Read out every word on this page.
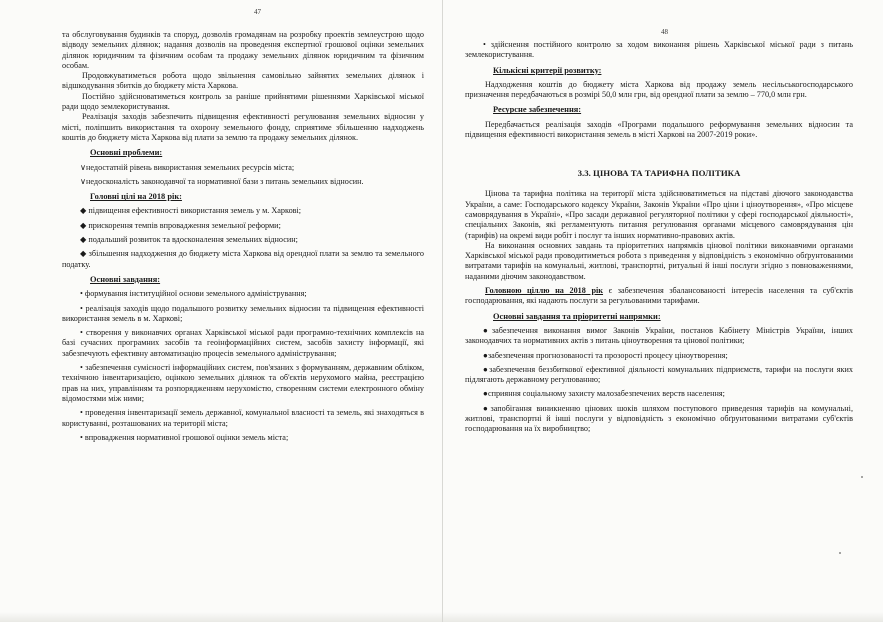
47

та обслуговування будинків та споруд, дозволів громадянам на розробку проектів землеустрою щодо відводу земельних ділянок; надання дозволів на проведення експертної грошової оцінки земельних ділянок юридичним та фізичним особам та продажу земельних ділянок юридичним та фізичним особам.

Продовжуватиметься робота щодо звільнення самовільно зайнятих земельних ділянок і відшкодування збитків до бюджету міста Харкова.

Постійно здійснюватиметься контроль за раніше прийнятими рішеннями Харківської міської ради щодо землекористування.

Реалізація заходів забезпечить підвищення ефективності регулювання земельних відносин у місті, поліпшить використання та охорону земельного фонду, сприятиме збільшенню надходжень коштів до бюджету міста Харкова від плати за землю та продажу земельних ділянок.

Основні проблеми:

∨недостатній рівень використання земельних ресурсів міста;

∨недосконалість законодавчої та нормативної бази з питань земельних відносин.

Головні цілі на 2018 рік:

◆ підвищення ефективності використання земель у м. Харкові;

◆ прискорення темпів впровадження земельної реформи;

◆ подальший розвиток та вдосконалення земельних відносин;

◆ збільшення надходження до бюджету міста Харкова від орендної плати за землю та земельного податку.

Основні завдання:

• формування інституційної основи земельного адміністрування;

• реалізація заходів щодо подальшого розвитку земельних відносин та підвищення ефективності використання земель в м. Харкові;

• створення у виконавчих органах Харківської міської ради програмно-технічних комплексів на базі сучасних програмних засобів та геоінформаційних систем, засобів захисту інформації, які забезпечують ефективну автоматизацію процесів земельного адміністрування;

• забезпечення сумісності інформаційних систем, пов'язаних з формуванням, державним обліком, технічною інвентаризацією, оцінкою земельних ділянок та об'єктів нерухомого майна, реєстрацією прав на них, управлінням та розпорядженням нерухомістю, створенням системи електронного обміну відомостями між ними;

• проведення інвентаризації земель державної, комунальної власності та земель, які знаходяться в користуванні, розташованих на території міста;

• впровадження нормативної грошової оцінки земель міста;

48

• здійснення постійного контролю за ходом виконання рішень Харківської міської ради з питань землекористування.

Кількісні критерії розвитку:

Надходження коштів до бюджету міста Харкова від продажу земель несільськогосподарського призначення передбачаються в розмірі 50,0 млн грн, від орендної плати за землю – 770,0 млн грн.

Ресурсне забезпечення:

Передбачається реалізація заходів «Програми подальшого реформування земельних відносин та підвищення ефективності використання земель в місті Харкові на 2007-2019 роки».

3.3. ЦІНОВА ТА ТАРИФНА ПОЛІТИКА

Цінова та тарифна політика на території міста здійснюватиметься на підставі діючого законодавства України, а саме: Господарського кодексу України, Законів України «Про ціни і ціноутворення», «Про місцеве самоврядування в Україні», «Про засади державної регуляторної політики у сфері господарської діяльності», спеціальних Законів, які регламентують питання регулювання органами місцевого самоврядування цін (тарифів) на окремі види робіт і послуг та інших нормативно-правових актів.

На виконання основних завдань та пріоритетних напрямків цінової політики виконавчими органами Харківської міської ради проводитиметься робота з приведення у відповідність з економічно обґрунтованими витратами тарифів на комунальні, житлові, транспортні, ритуальні й інші послуги згідно з повноваженнями, наданими діючим законодавством.

Головною ціллю на 2018 рік є забезпечення збалансованості інтересів населення та суб'єктів господарювання, які надають послуги за регульованими тарифами.

Основні завдання та пріоритетні напрямки:

●забезпечення виконання вимог Законів України, постанов Кабінету Міністрів України, інших законодавчих та нормативних актів з питань ціноутворення та цінової політики;

●забезпечення прогнозованості та прозорості процесу ціноутворення;

●забезпечення беззбиткової ефективної діяльності комунальних підприємств, тарифи на послуги яких підлягають державному регулюванню;

●сприяння соціальному захисту малозабезпечених верств населення;

●запобігання виникненню цінових шоків шляхом поступового приведення тарифів на комунальні, житлові, транспортні й інші послуги у відповідність з економічно обґрунтованими витратами суб'єктів господарювання на їх виробництво;
